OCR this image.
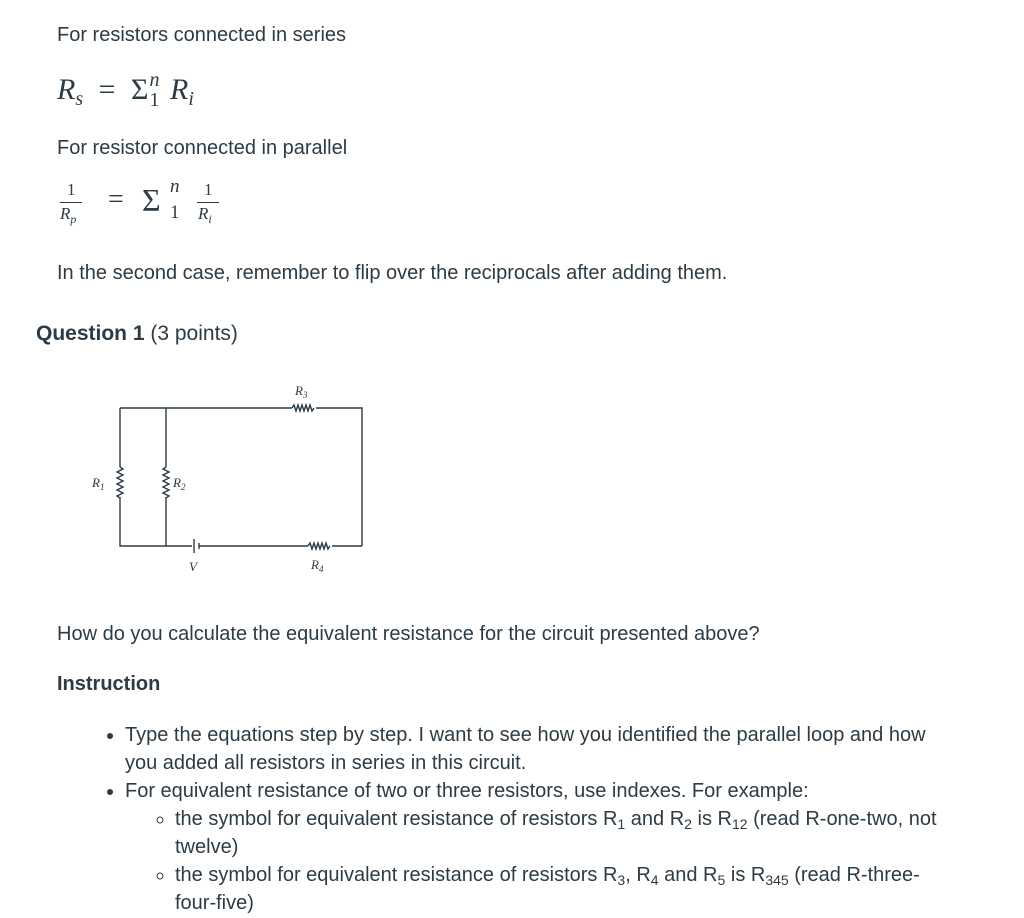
For resistors connected in series
$R_s = \Sigma$ n
1 $R_i$
For resistor connected in parallel
1
$R_p$
= Σ n
1
1
$R_i$
In the second case, remember to flip over the reciprocals after adding them.
Question 1 (3 points)
$R_3$
$R_1$	$R_2$
V	$R_4$
How do you calculate the equivalent resistance for the circuit presented above?
Instruction
• Type the equations step by step. I want to see how you identified the parallel loop and how you added all resistors in series in this circuit.
• For equivalent resistance of two or three resistors, use indexes. For example:
◦ the symbol for equivalent resistance of resistors $R_1$ and $R_2$ is $R_{12}$ (read R-one-two, not twelve)
◦ the symbol for equivalent resistance of resistors $R_3$, $R_4$ and $R_5$ is $R_{345}$ (read R-three-four-five)
